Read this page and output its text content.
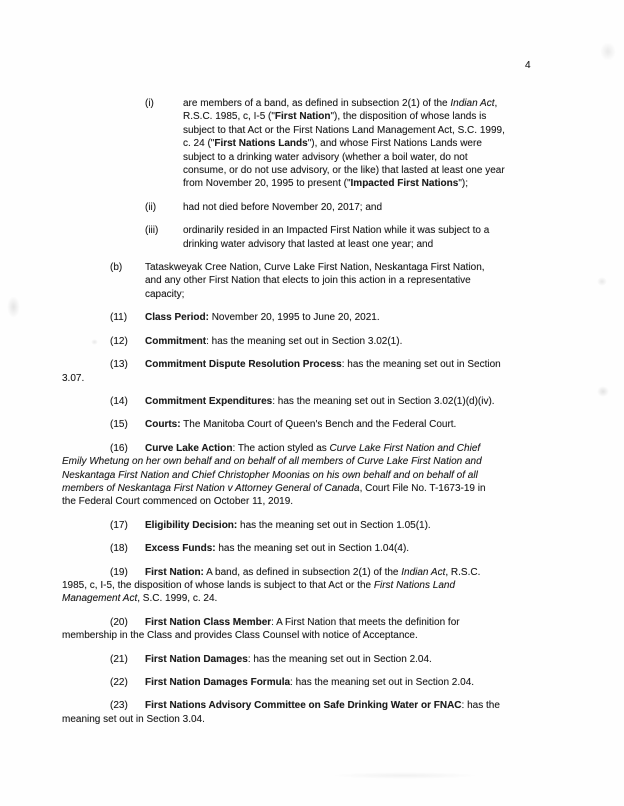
4
(i)	are members of a band, as defined in subsection 2(1) of the Indian Act,
R.S.C. 1985, c, I-5 ("First Nation"), the disposition of whose lands is
subject to that Act or the First Nations Land Management Act, S.C. 1999,
c. 24 ("First Nations Lands"), and whose First Nations Lands were
subject to a drinking water advisory (whether a boil water, do not
consume, or do not use advisory, or the like) that lasted at least one year
from November 20, 1995 to present ("Impacted First Nations");
(ii)	had not died before November 20, 2017; and
(iii)	ordinarily resided in an Impacted First Nation while it was subject to a
drinking water advisory that lasted at least one year; and
(b)	Tataskweyak Cree Nation, Curve Lake First Nation, Neskantaga First Nation,
and any other First Nation that elects to join this action in a representative
capacity;
(11) Class Period: November 20, 1995 to June 20, 2021.
(12) Commitment: has the meaning set out in Section 3.02(1).
(13) Commitment Dispute Resolution Process: has the meaning set out in Section
3.07.
(14) Commitment Expenditures: has the meaning set out in Section 3.02(1)(d)(iv).
(15) Courts: The Manitoba Court of Queen's Bench and the Federal Court.
(16) Curve Lake Action: The action styled as Curve Lake First Nation and Chief
Emily Whetung on her own behalf and on behalf of all members of Curve Lake First Nation and
Neskantaga First Nation and Chief Christopher Moonias on his own behalf and on behalf of all
members of Neskantaga First Nation v Attorney General of Canada, Court File No. T-1673-19 in
the Federal Court commenced on October 11, 2019.
(17) Eligibility Decision: has the meaning set out in Section 1.05(1).
(18) Excess Funds: has the meaning set out in Section 1.04(4).
(19) First Nation: A band, as defined in subsection 2(1) of the Indian Act, R.S.C.
1985, c, I-5, the disposition of whose lands is subject to that Act or the First Nations Land
Management Act, S.C. 1999, c. 24.
(20) First Nation Class Member: A First Nation that meets the definition for
membership in the Class and provides Class Counsel with notice of Acceptance.
(21) First Nation Damages: has the meaning set out in Section 2.04.
(22) First Nation Damages Formula: has the meaning set out in Section 2.04.
(23) First Nations Advisory Committee on Safe Drinking Water or FNAC: has the
meaning set out in Section 3.04.
